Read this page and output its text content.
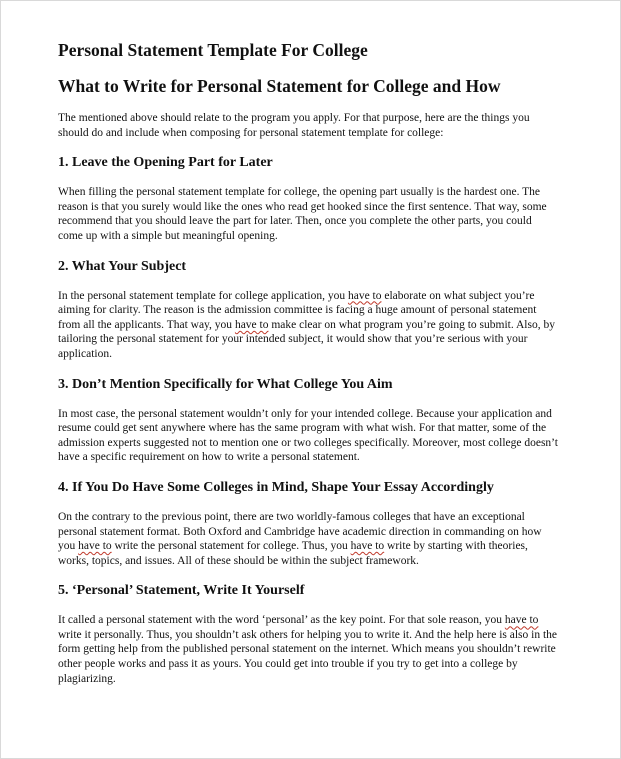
Personal Statement Template For College
What to Write for Personal Statement for College and How

The mentioned above should relate to the program you apply. For that purpose, here are the things you should do and include when composing for personal statement template for college:

1. Leave the Opening Part for Later

When filling the personal statement template for college, the opening part usually is the hardest one. The reason is that you surely would like the ones who read get hooked since the first sentence. That way, some recommend that you should leave the part for later. Then, once you complete the other parts, you could come up with a simple but meaningful opening.

2. What Your Subject

In the personal statement template for college application, you have to elaborate on what subject you’re aiming for clarity. The reason is the admission committee is facing a huge amount of personal statement from all the applicants. That way, you have to make clear on what program you’re going to submit. Also, by tailoring the personal statement for your intended subject, it would show that you’re serious with your application.

3. Don’t Mention Specifically for What College You Aim

In most case, the personal statement wouldn’t only for your intended college. Because your application and resume could get sent anywhere where has the same program with what wish. For that matter, some of the admission experts suggested not to mention one or two colleges specifically. Moreover, most college doesn’t have a specific requirement on how to write a personal statement.

4. If You Do Have Some Colleges in Mind, Shape Your Essay Accordingly

On the contrary to the previous point, there are two worldly-famous colleges that have an exceptional personal statement format. Both Oxford and Cambridge have academic direction in commanding on how you have to write the personal statement for college. Thus, you have to write by starting with theories, works, topics, and issues. All of these should be within the subject framework.

5. ‘Personal’ Statement, Write It Yourself

It called a personal statement with the word ‘personal’ as the key point. For that sole reason, you have to write it personally. Thus, you shouldn’t ask others for helping you to write it. And the help here is also in the form getting help from the published personal statement on the internet. Which means you shouldn’t rewrite other people works and pass it as yours. You could get into trouble if you try to get into a college by plagiarizing.
